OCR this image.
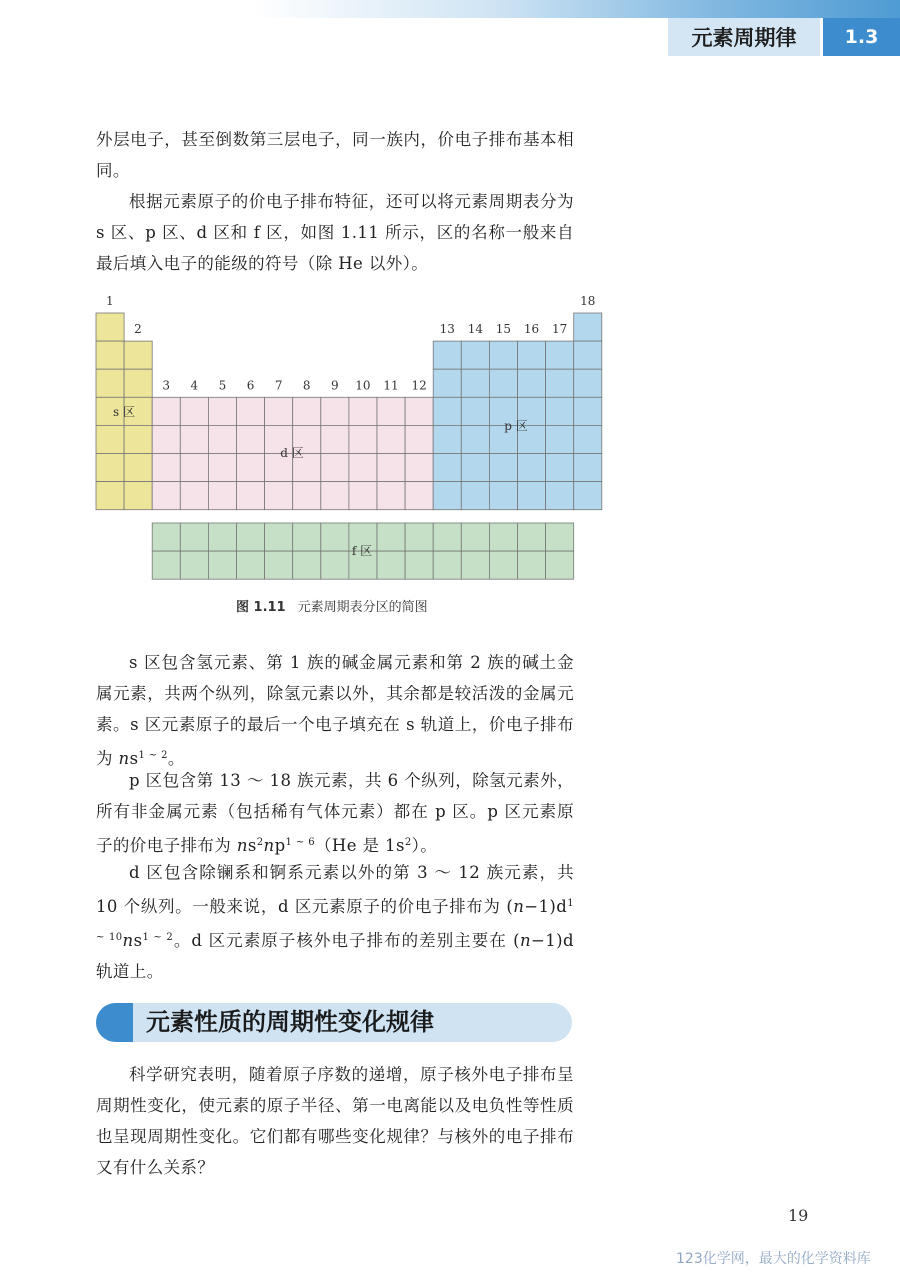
元素周期律	1.3

外层电子，甚至倒数第三层电子，同一族内，价电子排布基本相同。

根据元素原子的价电子排布特征，还可以将元素周期表分为 s 区、p 区、d 区和 f 区，如图 1.11 所示，区的名称一般来自最后填入电子的能级的符号（除 He 以外）。

1
2
3 4 5 6 7 8 9 10 11 12
13 14 15 16 17
18
s 区
d 区
p 区
f 区
图 1.11 元素周期表分区的简图

s 区包含氢元素、第 1 族的碱金属元素和第 2 族的碱土金属元素，共两个纵列，除氢元素以外，其余都是较活泼的金属元素。s 区元素原子的最后一个电子填充在 s 轨道上，价电子排布为 $ns^{1 \sim 2}$。

p 区包含第 13 ～ 18 族元素，共 6 个纵列，除氢元素外，所有非金属元素（包括稀有气体元素）都在 p 区。p 区元素原子的价电子排布为 $ns^2np^{1 \sim 6}(He$ 是 $1s^2$）。

d 区包含除镧系和锕系元素以外的第 3 ～ 12 族元素，共 10 个纵列。一般来说，d 区元素原子的价电子排布为 $(n-1)d^{1 \sim 10}ns^{1 \sim 2}$。d 区元素原子核外电子排布的差别主要在 (n−1)d 轨道上。

元素性质的周期性变化规律

科学研究表明，随着原子序数的递增，原子核外电子排布呈周期性变化，使元素的原子半径、第一电离能以及电负性等性质也呈现周期性变化。它们都有哪些变化规律？与核外的电子排布又有什么关系？

19
123化学网，最大的化学资料库
